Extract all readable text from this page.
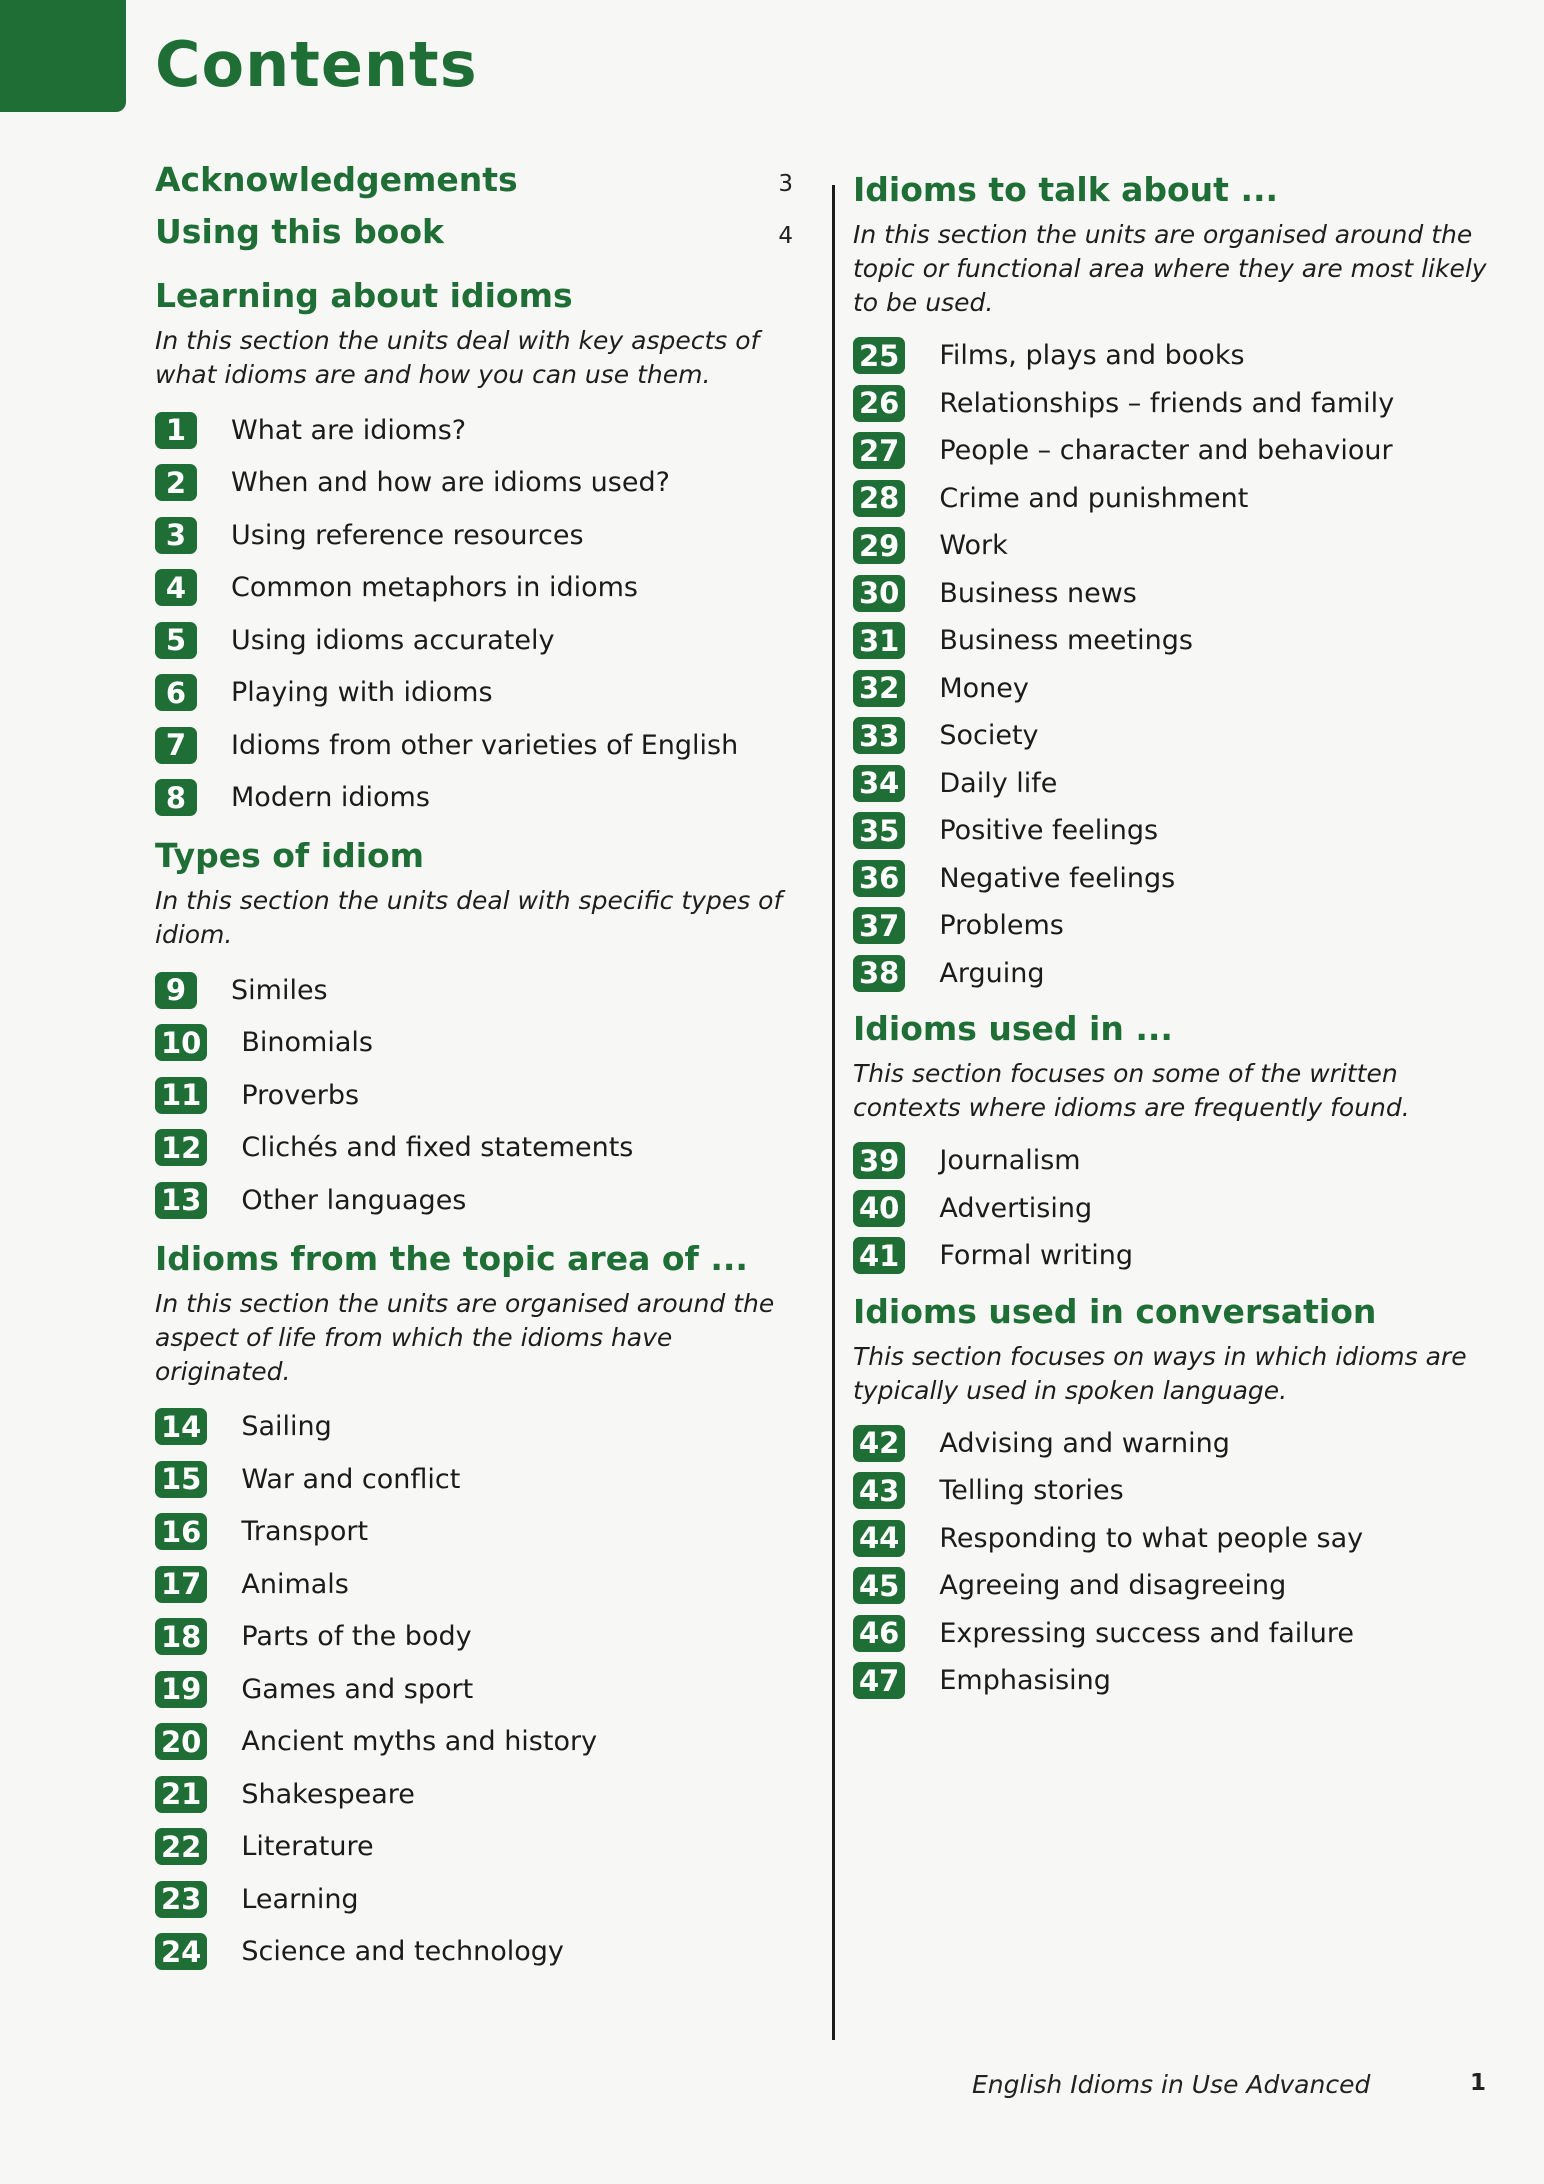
Contents
Acknowledgements	3
Using this book	4
Learning about idioms
In this section the units deal with key aspects of what idioms are and how you can use them.
1	What are idioms?
2	When and how are idioms used?
3	Using reference resources
4	Common metaphors in idioms
5	Using idioms accurately
6	Playing with idioms
7	Idioms from other varieties of English
8	Modern idioms
Types of idiom
In this section the units deal with specific types of idiom.
9	Similes
10 Binomials
11 Proverbs
12 Clichés and fixed statements
13 Other languages
Idioms from the topic area of ...
In this section the units are organised around the aspect of life from which the idioms have originated.
14 Sailing
15 War and conflict
16 Transport
17 Animals
18 Parts of the body
19 Games and sport
20 Ancient myths and history
21 Shakespeare
22 Literature
23 Learning
24 Science and technology
Idioms to talk about ...
In this section the units are organised around the topic or functional area where they are most likely to be used.
25 Films, plays and books
26 Relationships – friends and family
27 People – character and behaviour
28 Crime and punishment
29 Work
30 Business news
31 Business meetings
32 Money
33 Society
34 Daily life
35 Positive feelings
36 Negative feelings
37 Problems
38 Arguing
Idioms used in ...
This section focuses on some of the written contexts where idioms are frequently found.
39 Journalism
40 Advertising
41 Formal writing
Idioms used in conversation
This section focuses on ways in which idioms are typically used in spoken language.
42 Advising and warning
43 Telling stories
44 Responding to what people say
45 Agreeing and disagreeing
46 Expressing success and failure
47 Emphasising
English Idioms in Use Advanced	1
